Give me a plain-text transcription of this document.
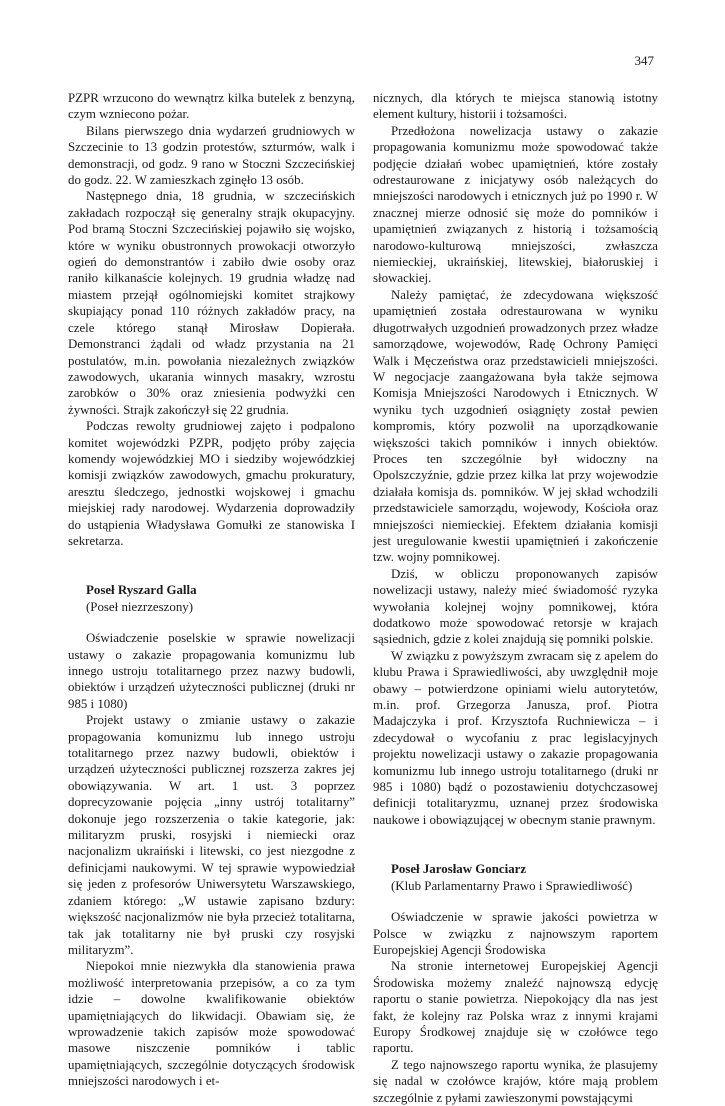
347

PZPR wrzucono do wewnątrz kilka butelek z benzyną, czym wzniecono pożar.

Bilans pierwszego dnia wydarzeń grudniowych w Szczecinie to 13 godzin protestów, szturmów, walk i demonstracji, od godz. 9 rano w Stoczni Szczecińskiej do godz. 22. W zamieszkach zginęło 13 osób.

Następnego dnia, 18 grudnia, w szczecińskich zakładach rozpoczął się generalny strajk okupacyjny. Pod bramą Stoczni Szczecińskiej pojawiło się wojsko, które w wyniku obustronnych prowokacji otworzyło ogień do demonstrantów i zabiło dwie osoby oraz raniło kilkanaście kolejnych. 19 grudnia władzę nad miastem przejął ogólnomiejski komitet strajkowy skupiający ponad 110 różnych zakładów pracy, na czele którego stanął Mirosław Dopierała. Demonstranci żądali od władz przystania na 21 postulatów, m.in. powołania niezależnych związków zawodowych, ukarania winnych masakry, wzrostu zarobków o 30% oraz zniesienia podwyżki cen żywności. Strajk zakończył się 22 grudnia.

Podczas rewolty grudniowej zajęto i podpalono komitet wojewódzki PZPR, podjęto próby zajęcia komendy wojewódzkiej MO i siedziby wojewódzkiej komisji związków zawodowych, gmachu prokuratury, aresztu śledczego, jednostki wojskowej i gmachu miejskiej rady narodowej. Wydarzenia doprowadziły do ustąpienia Władysława Gomułki ze stanowiska I sekretarza.

Poseł Ryszard Galla
(Poseł niezrzeszony)

Oświadczenie poselskie w sprawie nowelizacji ustawy o zakazie propagowania komunizmu lub innego ustroju totalitarnego przez nazwy budowli, obiektów i urządzeń użyteczności publicznej (druki nr 985 i 1080)

Projekt ustawy o zmianie ustawy o zakazie propagowania komunizmu lub innego ustroju totalitarnego przez nazwy budowli, obiektów i urządzeń użyteczności publicznej rozszerza zakres jej obowiązywania. W art. 1 ust. 3 poprzez doprecyzowanie pojęcia „inny ustrój totalitarny” dokonuje jego rozszerzenia o takie kategorie, jak: militaryzm pruski, rosyjski i niemiecki oraz nacjonalizm ukraiński i litewski, co jest niezgodne z definicjami naukowymi. W tej sprawie wypowiedział się jeden z profesorów Uniwersytetu Warszawskiego, zdaniem którego: „W ustawie zapisano bzdury: większość nacjonalizmów nie była przecież totalitarna, tak jak totalitarny nie był pruski czy rosyjski militaryzm”.

Niepokoi mnie niezwykła dla stanowienia prawa możliwość interpretowania przepisów, a co za tym idzie – dowolne kwalifikowanie obiektów upamiętniających do likwidacji. Obawiam się, że wprowadzenie takich zapisów może spowodować masowe niszczenie pomników i tablic upamiętniających, szczególnie dotyczących środowisk mniejszości narodowych i et-

nicznych, dla których te miejsca stanowią istotny element kultury, historii i tożsamości.

Przedłożona nowelizacja ustawy o zakazie propagowania komunizmu może spowodować także podjęcie działań wobec upamiętnień, które zostały odrestaurowane z inicjatywy osób należących do mniejszości narodowych i etnicznych już po 1990 r. W znacznej mierze odnosić się może do pomników i upamiętnień związanych z historią i tożsamością narodowo-kulturową mniejszości, zwłaszcza niemieckiej, ukraińskiej, litewskiej, białoruskiej i słowackiej.

Należy pamiętać, że zdecydowana większość upamiętnień została odrestaurowana w wyniku długotrwałych uzgodnień prowadzonych przez władze samorządowe, wojewodów, Radę Ochrony Pamięci Walk i Męczeństwa oraz przedstawicieli mniejszości. W negocjacje zaangażowana była także sejmowa Komisja Mniejszości Narodowych i Etnicznych. W wyniku tych uzgodnień osiągnięty został pewien kompromis, który pozwolił na uporządkowanie większości takich pomników i innych obiektów. Proces ten szczególnie był widoczny na Opolszczyźnie, gdzie przez kilka lat przy wojewodzie działała komisja ds. pomników. W jej skład wchodzili przedstawiciele samorządu, wojewody, Kościoła oraz mniejszości niemieckiej. Efektem działania komisji jest uregulowanie kwestii upamiętnień i zakończenie tzw. wojny pomnikowej.

Dziś, w obliczu proponowanych zapisów nowelizacji ustawy, należy mieć świadomość ryzyka wywołania kolejnej wojny pomnikowej, która dodatkowo może spowodować retorsje w krajach sąsiednich, gdzie z kolei znajdują się pomniki polskie.

W związku z powyższym zwracam się z apelem do klubu Prawa i Sprawiedliwości, aby uwzględnił moje obawy – potwierdzone opiniami wielu autorytetów, m.in. prof. Grzegorza Janusza, prof. Piotra Madajczyka i prof. Krzysztofa Ruchniewicza – i zdecydował o wycofaniu z prac legislacyjnych projektu nowelizacji ustawy o zakazie propagowania komunizmu lub innego ustroju totalitarnego (druki nr 985 i 1080) bądź o pozostawieniu dotychczasowej definicji totalitaryzmu, uznanej przez środowiska naukowe i obowiązującej w obecnym stanie prawnym.

Poseł Jarosław Gonciarz
(Klub Parlamentarny Prawo i Sprawiedliwość)

Oświadczenie w sprawie jakości powietrza w Polsce w związku z najnowszym raportem Europejskiej Agencji Środowiska

Na stronie internetowej Europejskiej Agencji Środowiska możemy znaleźć najnowszą edycję raportu o stanie powietrza. Niepokojący dla nas jest fakt, że kolejny raz Polska wraz z innymi krajami Europy Środkowej znajduje się w czołówce tego raportu.

Z tego najnowszego raportu wynika, że plasujemy się nadal w czołówce krajów, które mają problem szczególnie z pyłami zawieszonymi powstającymi
